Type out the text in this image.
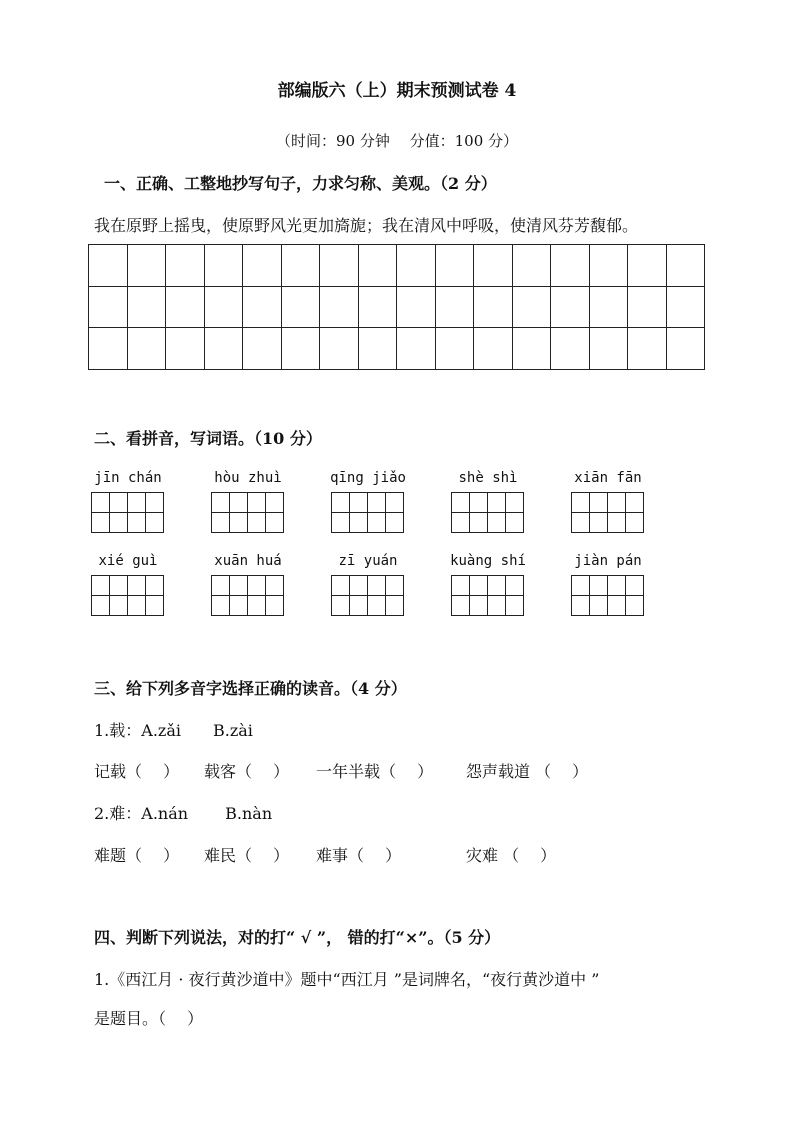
部编版六（上）期末预测试卷 4
（时间：90 分钟　 分值：100 分）
一、正确、工整地抄写句子，力求匀称、美观。（2 分）
我在原野上摇曳，使原野风光更加旖旎；我在清风中呼吸，使清风芬芳馥郁。
二、看拼音，写词语。（10 分）
jīn chán	hòu zhuì	qīng jiǎo	shè shì	xiān fān
xié guì	xuān huá	zī yuán	kuàng shí	jiàn pán
三、给下列多音字选择正确的读音。（4 分）
1.载：A.zǎi　　B.zài
记载（　 ） 载客（　 ） 一年半载（　 ） 怨声载道 （　 ）
2.难：A.nán　　 B.nàn
难题（　 ） 难民（　 ） 难事（　 ）	灾难 （　 ）
四、判断下列说法，对的打“ √ ”， 错的打“×”。（5 分）
1.《西江月 · 夜行黄沙道中》题中“西江月 ”是词牌名，“夜行黄沙道中 ”
是题目。（　 ）
